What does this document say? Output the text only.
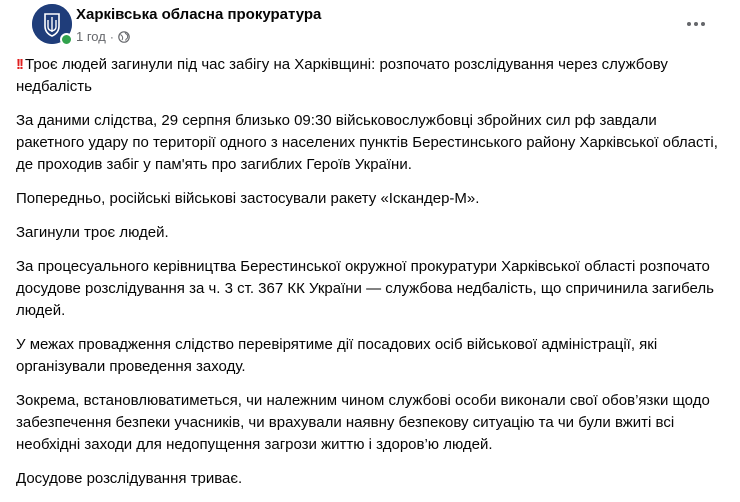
Харківська обласна прокуратура
1 год ·

!! Троє людей загинули під час забігу на Харківщині: розпочато розслідування через службову недбалість

За даними слідства, 29 серпня близько 09:30 військовослужбовці збройних сил рф завдали ракетного удару по території одного з населених пунктів Берестинського району Харківської області, де проходив забіг у пам'ять про загиблих Героїв України.

Попередньо, російські військові застосували ракету «Іскандер-М».

Загинули троє людей.

За процесуального керівництва Берестинської окружної прокуратури Харківської області розпочато досудове розслідування за ч. 3 ст. 367 КК України — службова недбалість, що спричинила загибель людей.

У межах провадження слідство перевірятиме дії посадових осіб військової адміністрації, які організували проведення заходу.

Зокрема, встановлюватиметься, чи належним чином службові особи виконали свої обов’язки щодо забезпечення безпеки учасників, чи врахували наявну безпекову ситуацію та чи були вжиті всі необхідні заходи для недопущення загрози життю і здоров’ю людей.

Досудове розслідування триває.
